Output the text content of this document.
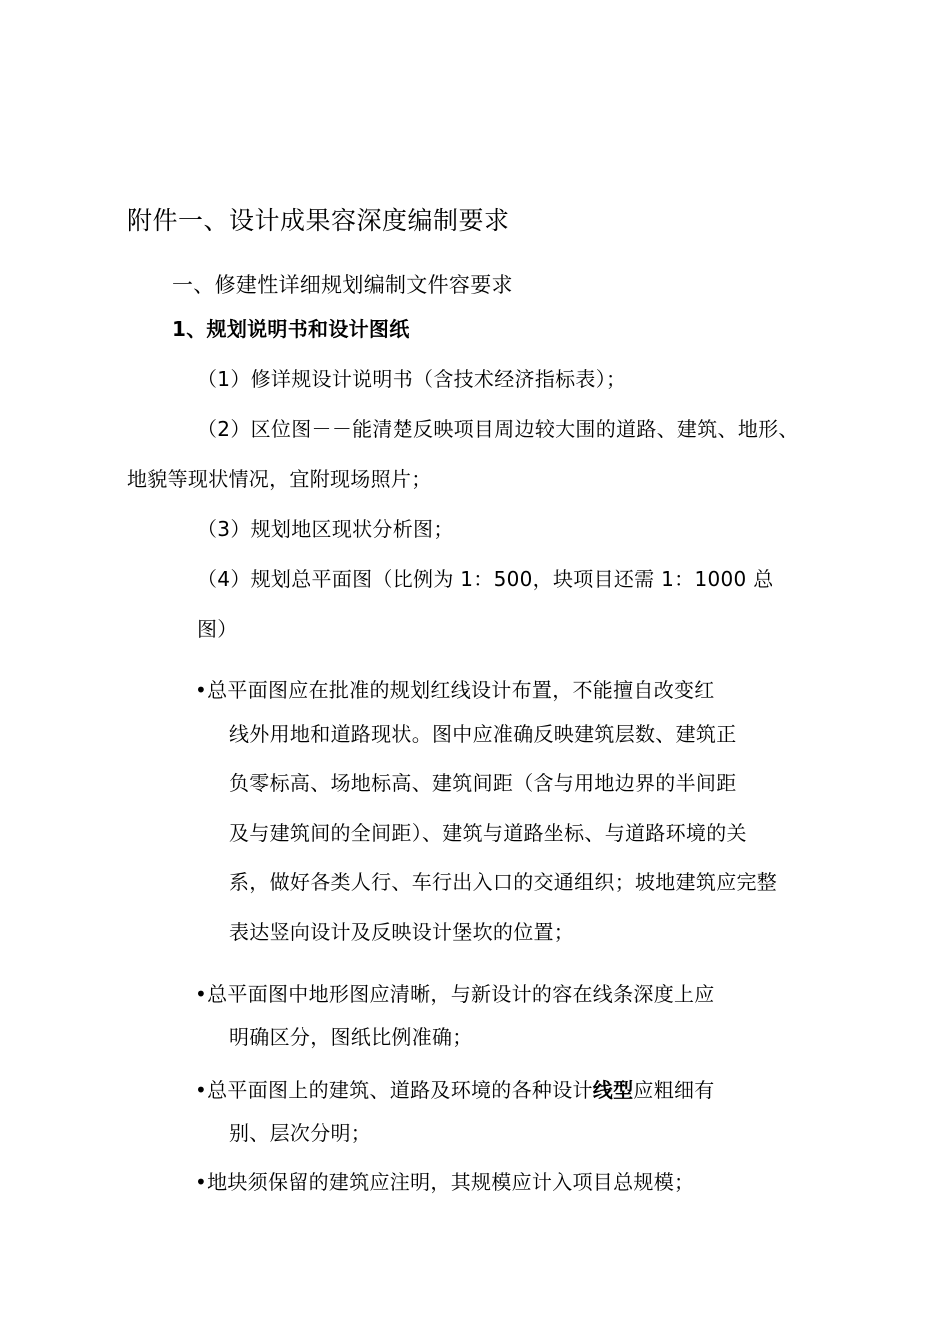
附件一、设计成果容深度编制要求
一、修建性详细规划编制文件容要求
1、规划说明书和设计图纸
（1）修详规设计说明书（含技术经济指标表）；
（2）区位图－－能清楚反映项目周边较大围的道路、建筑、地形、
地貌等现状情况，宜附现场照片；
（3）规划地区现状分析图；
（4）规划总平面图（比例为 1：500，块项目还需 1：1000 总
图）
•总平面图应在批准的规划红线设计布置，不能擅自改变红
线外用地和道路现状。图中应准确反映建筑层数、建筑正
负零标高、场地标高、建筑间距（含与用地边界的半间距
及与建筑间的全间距）、建筑与道路坐标、与道路环境的关
系，做好各类人行、车行出入口的交通组织；坡地建筑应完整
表达竖向设计及反映设计堡坎的位置；
•总平面图中地形图应清晰，与新设计的容在线条深度上应
明确区分，图纸比例准确；
•总平面图上的建筑、道路及环境的各种设计线型应粗细有
别、层次分明；
•地块须保留的建筑应注明，其规模应计入项目总规模；
